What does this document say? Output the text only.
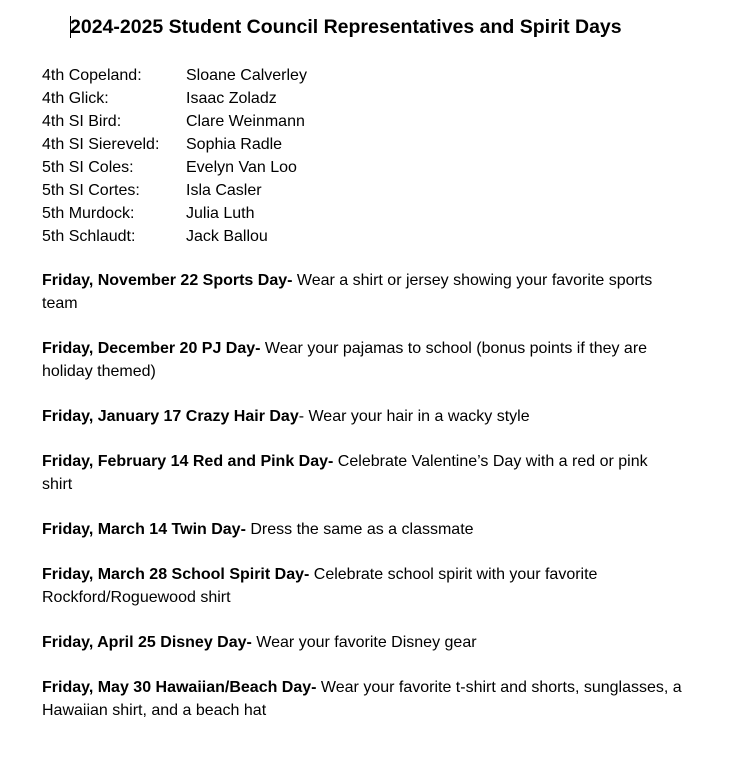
2024-2025 Student Council Representatives and Spirit Days
4th Copeland:	Sloane Calverley
4th Glick:	Isaac Zoladz
4th SI Bird:	Clare Weinmann
4th SI Siereveld: Sophia Radle
5th SI Coles:	Evelyn Van Loo
5th SI Cortes:	Isla Casler
5th Murdock:	Julia Luth
5th Schlaudt:	Jack Ballou

Friday, November 22 Sports Day- Wear a shirt or jersey showing your favorite sports team

Friday, December 20 PJ Day- Wear your pajamas to school (bonus points if they are holiday themed)

Friday, January 17 Crazy Hair Day- Wear your hair in a wacky style

Friday, February 14 Red and Pink Day- Celebrate Valentine’s Day with a red or pink shirt

Friday, March 14 Twin Day- Dress the same as a classmate

Friday, March 28 School Spirit Day- Celebrate school spirit with your favorite Rockford/Roguewood shirt

Friday, April 25 Disney Day- Wear your favorite Disney gear

Friday, May 30 Hawaiian/Beach Day- Wear your favorite t-shirt and shorts, sunglasses, a Hawaiian shirt, and a beach hat
